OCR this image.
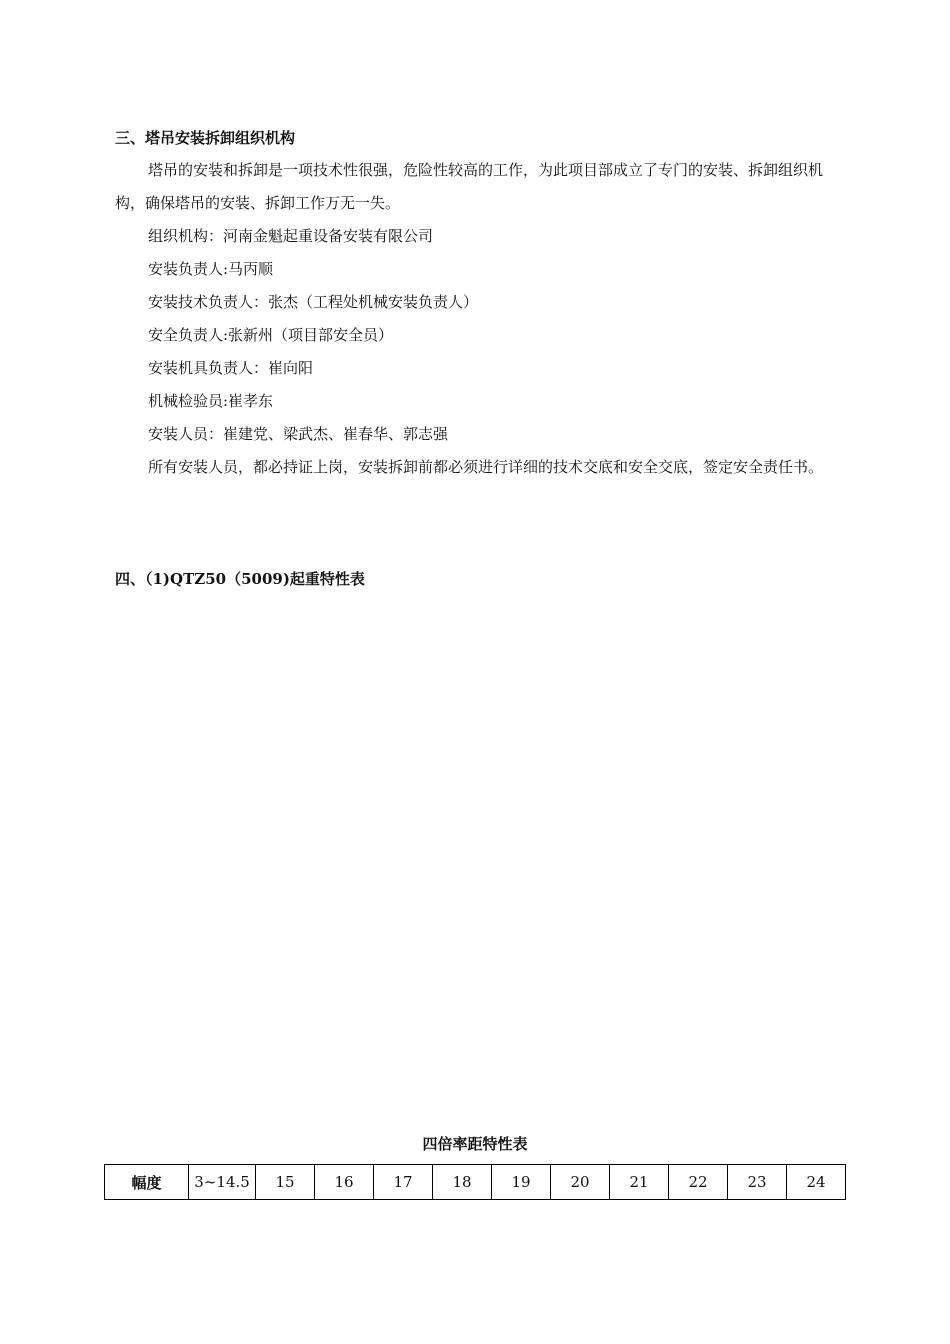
三、塔吊安装拆卸组织机构

塔吊的安装和拆卸是一项技术性很强，危险性较高的工作，为此项目部成立了专门的安装、拆卸组织机构，确保塔吊的安装、拆卸工作万无一失。

组织机构：河南金魁起重设备安装有限公司

安装负责人:马丙顺

安装技术负责人：张杰（工程处机械安装负责人）

安全负责人:张新州（项目部安全员）

安装机具负责人：崔向阳

机械检验员:崔孝东

安装人员：崔建党、梁武杰、崔春华、郭志强

所有安装人员，都必持证上岗，安装拆卸前都必须进行详细的技术交底和安全交底，签定安全责任书。

四、（1)QTZ50（5009)起重特性表
四倍率距特性表
幅度	3~14.5	15	16	17	18	19	20	21	22	23	24
